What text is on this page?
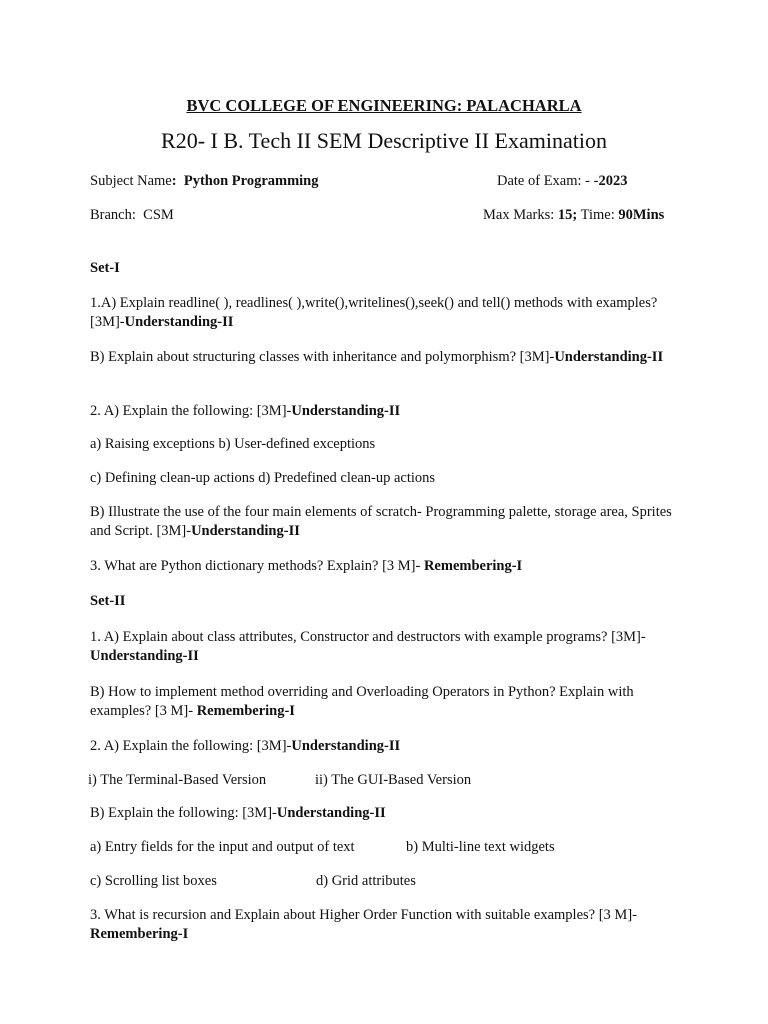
BVC COLLEGE OF ENGINEERING: PALACHARLA
R20- I B. Tech II SEM Descriptive II Examination
Subject Name: Python Programming	Date of Exam: - -2023
Branch: CSM	Max Marks: 15; Time: 90Mins
Set-I
1.A) Explain readline( ), readlines( ),write(),writelines(),seek() and tell() methods with examples? [3M]-Understanding-II
B) Explain about structuring classes with inheritance and polymorphism? [3M]-Understanding-II
2. A) Explain the following: [3M]-Understanding-II
a) Raising exceptions b) User-defined exceptions
c) Defining clean-up actions d) Predefined clean-up actions
B) Illustrate the use of the four main elements of scratch- Programming palette, storage area, Sprites and Script. [3M]-Understanding-II
3. What are Python dictionary methods? Explain? [3 M]- Remembering-I
Set-II
1. A) Explain about class attributes, Constructor and destructors with example programs? [3M]-Understanding-II
B) How to implement method overriding and Overloading Operators in Python? Explain with examples? [3 M]- Remembering-I
2. A) Explain the following: [3M]-Understanding-II
i) The Terminal-Based Version	ii) The GUI-Based Version
B) Explain the following: [3M]-Understanding-II
a) Entry fields for the input and output of text	b) Multi-line text widgets
c) Scrolling list boxes	d) Grid attributes
3. What is recursion and Explain about Higher Order Function with suitable examples? [3 M]-Remembering-I
